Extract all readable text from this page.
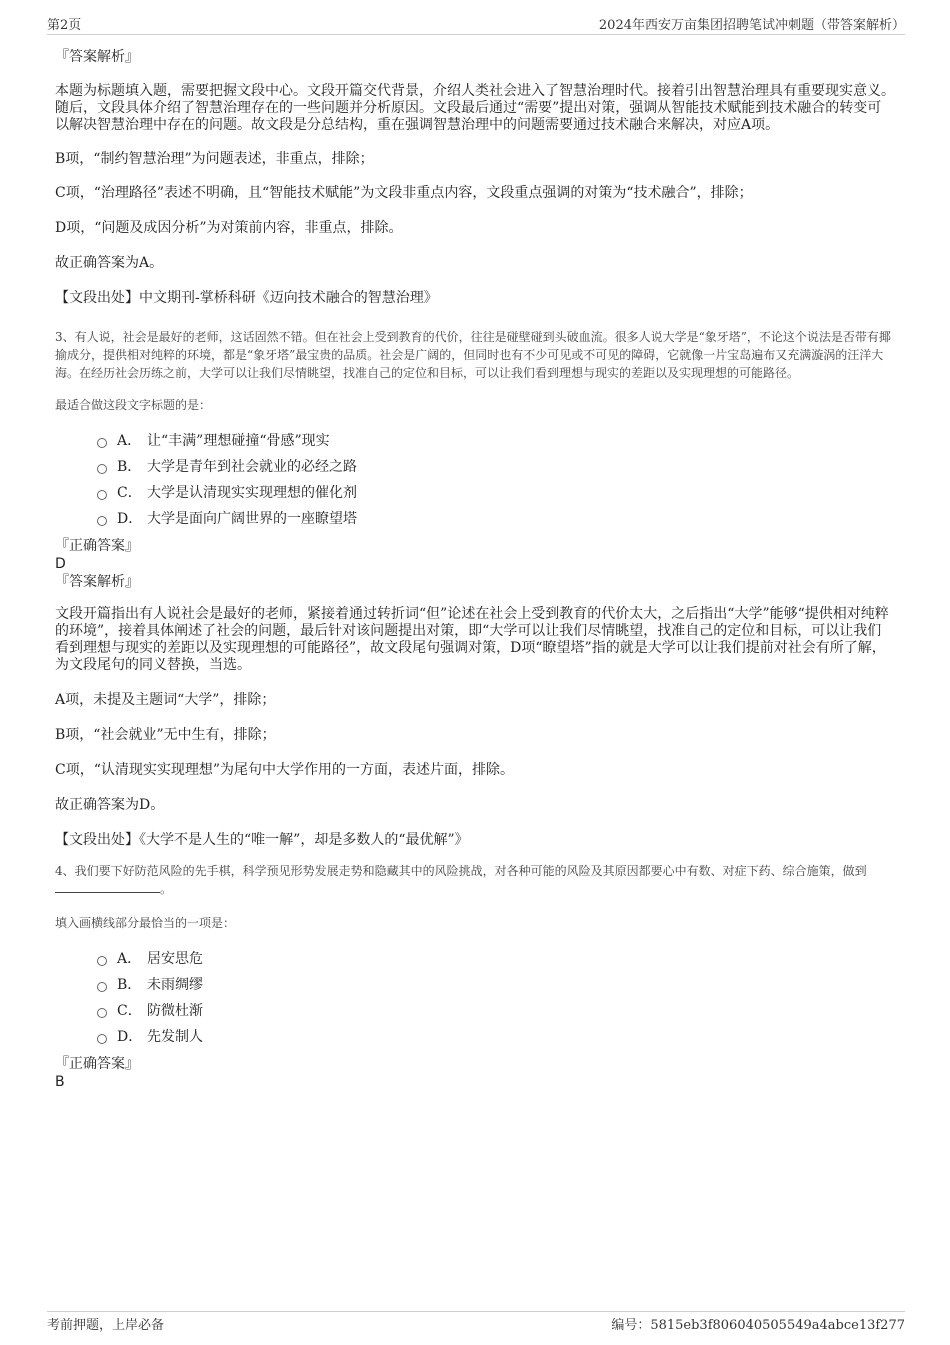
第2页	2024年西安万亩集团招聘笔试冲刺题（带答案解析）

『答案解析』

本题为标题填入题，需要把握文段中心。文段开篇交代背景，介绍人类社会进入了智慧治理时代。接着引出智慧治理具有重要现实意义。随后，文段具体介绍了智慧治理存在的一些问题并分析原因。文段最后通过“需要”提出对策，强调从智能技术赋能到技术融合的转变可以解决智慧治理中存在的问题。故文段是分总结构，重在强调智慧治理中的问题需要通过技术融合来解决，对应A项。

B项，“制约智慧治理”为问题表述，非重点，排除；

C项，“治理路径”表述不明确，且“智能技术赋能”为文段非重点内容，文段重点强调的对策为“技术融合”，排除；

D项，“问题及成因分析”为对策前内容，非重点，排除。

故正确答案为A。

【文段出处】中文期刊-掌桥科研《迈向技术融合的智慧治理》

3、有人说，社会是最好的老师，这话固然不错。但在社会上受到教育的代价，往往是碰壁碰到头破血流。很多人说大学是“象牙塔”，不论这个说法是否带有揶揄成分，提供相对纯粹的环境，都是“象牙塔”最宝贵的品质。社会是广阔的，但同时也有不少可见或不可见的障碍，它就像一片宝岛遍布又充满漩涡的汪洋大海。在经历社会历练之前，大学可以让我们尽情眺望，找准自己的定位和目标，可以让我们看到理想与现实的差距以及实现理想的可能路径。

最适合做这段文字标题的是：

A． 让“丰满”理想碰撞“骨感”现实
B． 大学是青年到社会就业的必经之路
C． 大学是认清现实实现理想的催化剂
D． 大学是面向广阔世界的一座瞭望塔

『正确答案』

D

『答案解析』

文段开篇指出有人说社会是最好的老师，紧接着通过转折词“但”论述在社会上受到教育的代价太大，之后指出“大学”能够“提供相对纯粹的环境”，接着具体阐述了社会的问题，最后针对该问题提出对策，即“大学可以让我们尽情眺望，找准自己的定位和目标，可以让我们看到理想与现实的差距以及实现理想的可能路径”，故文段尾句强调对策，D项“瞭望塔”指的就是大学可以让我们提前对社会有所了解，为文段尾句的同义替换，当选。

A项，未提及主题词“大学”，排除；

B项，“社会就业”无中生有，排除；

C项，“认清现实实现理想”为尾句中大学作用的一方面，表述片面，排除。

故正确答案为D。

【文段出处】《大学不是人生的“唯一解”，却是多数人的“最优解”》

4、我们要下好防范风险的先手棋，科学预见形势发展走势和隐藏其中的风险挑战，对各种可能的风险及其原因都要心中有数、对症下药、综合施策，做到。

填入画横线部分最恰当的一项是：

A． 居安思危
B． 未雨绸缪
C． 防微杜渐
D． 先发制人

『正确答案』

B

考前押题，上岸必备	编号：5815eb3f806040505549a4abce13f277
